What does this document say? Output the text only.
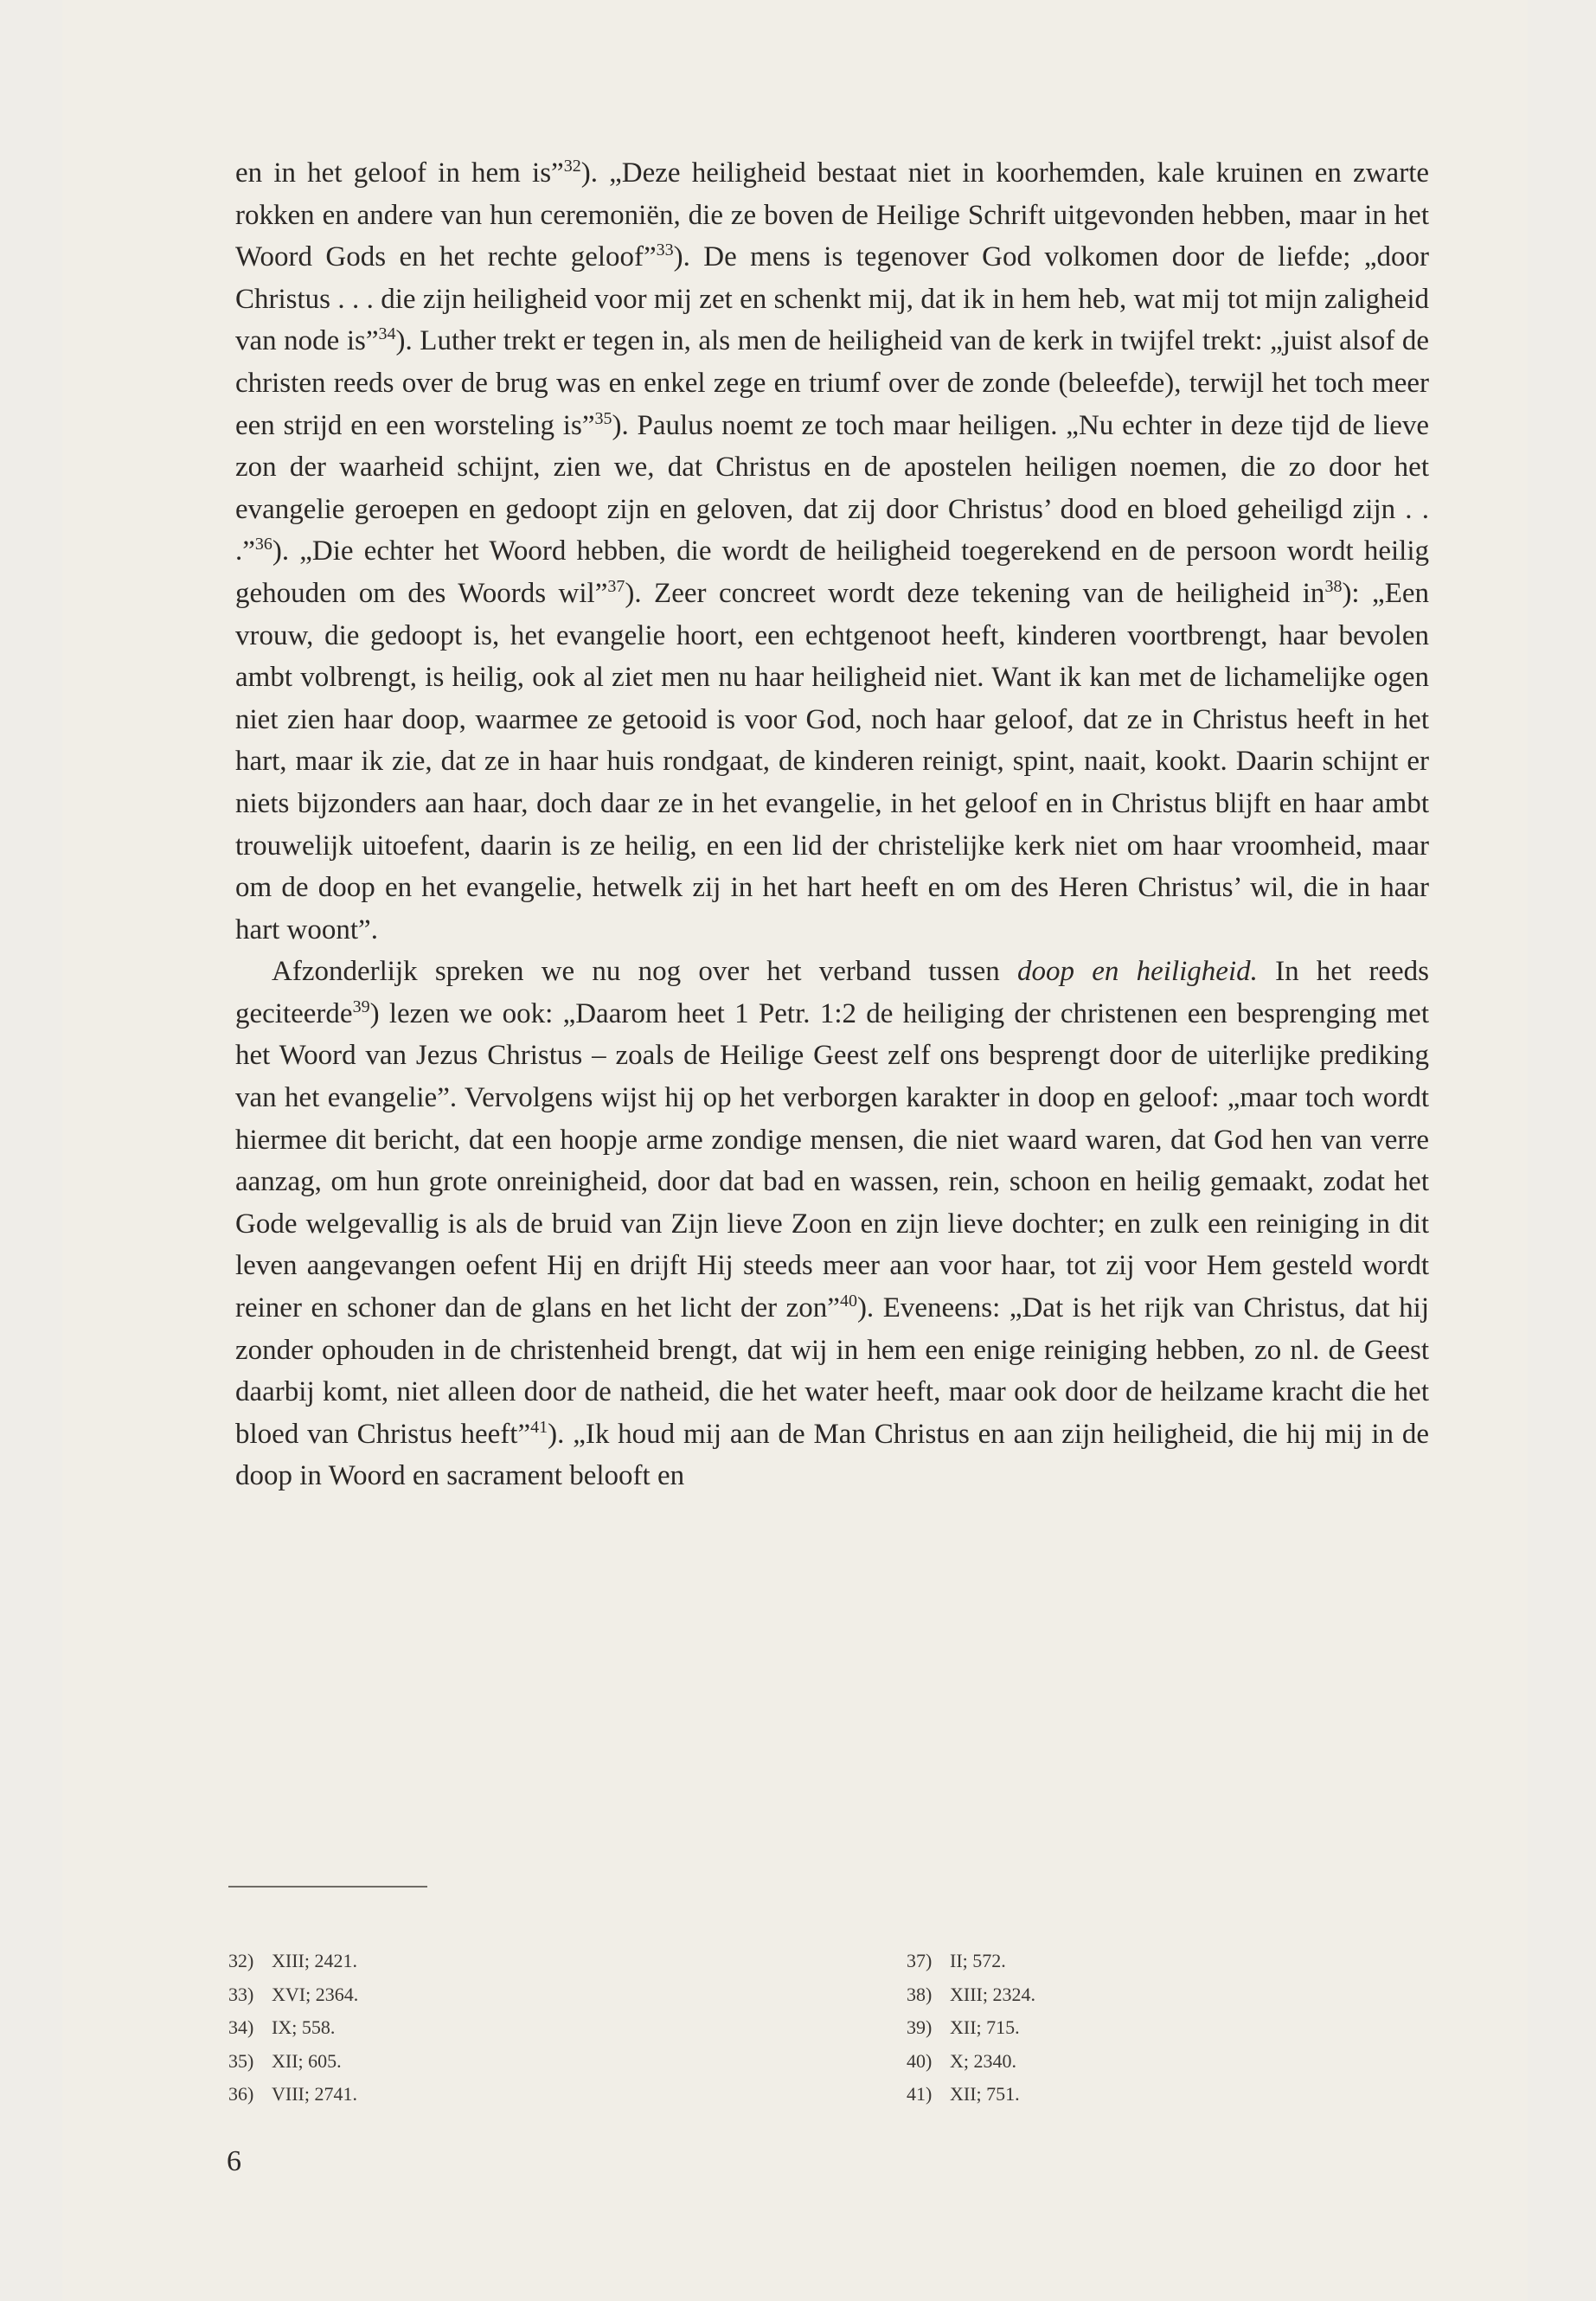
en in het geloof in hem is”$^{32}$). „Deze heiligheid bestaat niet in koorhemden, kale kruinen en zwarte rokken en andere van hun ceremoniën, die ze boven de Heilige Schrift uitgevonden hebben, maar in het Woord Gods en het rechte geloof”$^{33}$). De mens is tegenover God volkomen door de liefde; „door Christus . . . die zijn heiligheid voor mij zet en schenkt mij, dat ik in hem heb, wat mij tot mijn zaligheid van node is”$^{34}$). Luther trekt er tegen in, als men de heiligheid van de kerk in twijfel trekt: „juist alsof de christen reeds over de brug was en enkel zege en triumf over de zonde (beleefde), terwijl het toch meer een strijd en een worsteling is”$^{35}$). Paulus noemt ze toch maar heiligen. „Nu echter in deze tijd de lieve zon der waarheid schijnt, zien we, dat Christus en de apostelen heiligen noemen, die zo door het evangelie geroepen en gedoopt zijn en geloven, dat zij door Christus’ dood en bloed geheiligd zijn . . .”$^{36}$). „Die echter het Woord hebben, die wordt de heiligheid toegerekend en de persoon wordt heilig gehouden om des Woords wil”$^{37}$). Zeer concreet wordt deze tekening van de heiligheid $in^{38}$): „Een vrouw, die gedoopt is, het evangelie hoort, een echtgenoot heeft, kinderen voortbrengt, haar bevolen ambt volbrengt, is heilig, ook al ziet men nu haar heiligheid niet. Want ik kan met de lichamelijke ogen niet zien haar doop, waarmee ze getooid is voor God, noch haar geloof, dat ze in Christus heeft in het hart, maar ik zie, dat ze in haar huis rondgaat, de kinderen reinigt, spint, naait, kookt. Daarin schijnt er niets bijzonders aan haar, doch daar ze in het evangelie, in het geloof en in Christus blijft en haar ambt trouwelijk uitoefent, daarin is ze heilig, en een lid der christelijke kerk niet om haar vroomheid, maar om de doop en het evangelie, hetwelk zij in het hart heeft en om des Heren Christus’ wil, die in haar hart woont”.

Afzonderlijk spreken we nu nog over het verband tussen doop en heiligheid. In het reeds geciteerde$^{39}$) lezen we ook: „Daarom heet 1 Petr. 1:2 de heiliging der christenen een besprenging met het Woord van Jezus Christus – zoals de Heilige Geest zelf ons besprengt door de uiterlijke prediking van het evangelie”. Vervolgens wijst hij op het verborgen karakter in doop en geloof: „maar toch wordt hiermee dit bericht, dat een hoopje arme zondige mensen, die niet waard waren, dat God hen van verre aanzag, om hun grote onreinigheid, door dat bad en wassen, rein, schoon en heilig gemaakt, zodat het Gode welgevallig is als de bruid van Zijn lieve Zoon en zijn lieve dochter; en zulk een reiniging in dit leven aangevangen oefent Hij en drijft Hij steeds meer aan voor haar, tot zij voor Hem gesteld wordt reiner en schoner dan de glans en het licht der zon”$^{40}$). Eveneens: „Dat is het rijk van Christus, dat hij zonder ophouden in de christenheid brengt, dat wij in hem een enige reiniging hebben, zo nl. de Geest daarbij komt, niet alleen door de natheid, die het water heeft, maar ook door de heilzame kracht die het bloed van Christus heeft”$^{41}$). „Ik houd mij aan de Man Christus en aan zijn heiligheid, die hij mij in de doop in Woord en sacrament belooft en

32) XIII; 2421.
33) XVI; 2364.
34) IX; 558.
35) XII; 605.
36) VIII; 2741.
37) II; 572.
38) XIII; 2324.
39) XII; 715.
40) X; 2340.
41) XII; 751.
6
